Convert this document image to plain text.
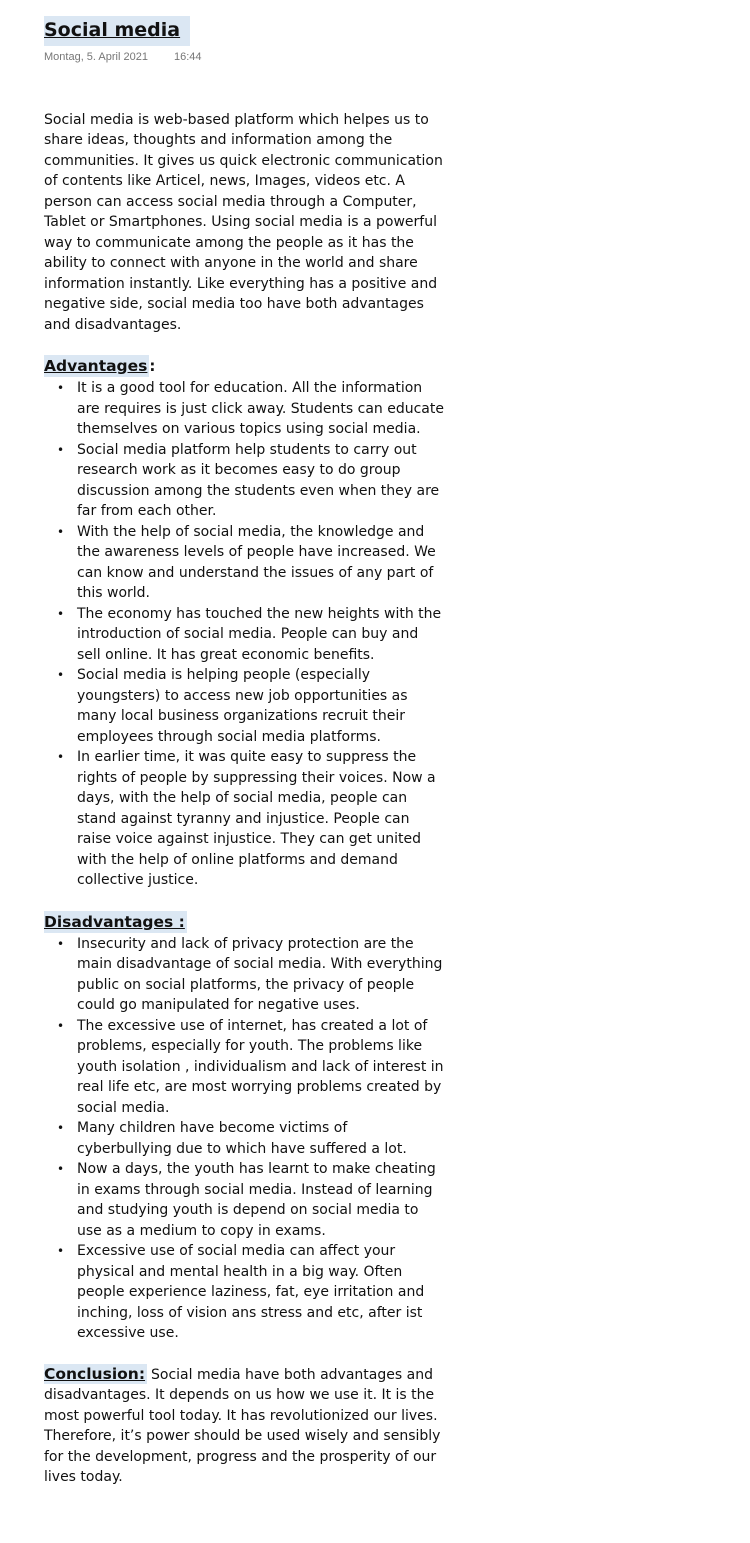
Social media
Montag, 5. April 2021 16:44
Social media is web-based platform which helpes us to share ideas, thoughts and information among the communities. It gives us quick electronic communication of contents like Articel, news, Images, videos etc. A person can access social media through a Computer, Tablet or Smartphones. Using social media is a powerful way to communicate among the people as it has the ability to connect with anyone in the world and share information instantly. Like everything has a positive and negative side, social media too have both advantages and disadvantages.
Advantages :
• It is a good tool for education. All the information are requires is just click away. Students can educate themselves on various topics using social media.
• Social media platform help students to carry out research work as it becomes easy to do group discussion among the students even when they are far from each other.
• With the help of social media, the knowledge and the awareness levels of people have increased. We can know and understand the issues of any part of this world.
• The economy has touched the new heights with the introduction of social media. People can buy and sell online. It has great economic benefits.
• Social media is helping people (especially youngsters) to access new job opportunities as many local business organizations recruit their employees through social media platforms.
• In earlier time, it was quite easy to suppress the rights of people by suppressing their voices. Now a days, with the help of social media, people can stand against tyranny and injustice. People can raise voice against injustice. They can get united with the help of online platforms and demand collective justice.
Disadvantages :
• Insecurity and lack of privacy protection are the main disadvantage of social media. With everything public on social platforms, the privacy of people could go manipulated for negative uses.
• The excessive use of internet, has created a lot of problems, especially for youth. The problems like youth isolation , individualism and lack of interest in real life etc, are most worrying problems created by social media.
• Many children have become victims of cyberbullying due to which have suffered a lot.
• Now a days, the youth has learnt to make cheating in exams through social media. Instead of learning and studying youth is depend on social media to use as a medium to copy in exams.
• Excessive use of social media can affect your physical and mental health in a big way. Often people experience laziness, fat, eye irritation and inching, loss of vision ans stress and etc, after ist excessive use.
Conclusion: Social media have both advantages and disadvantages. It depends on us how we use it. It is the most powerful tool today. It has revolutionized our lives. Therefore, it’s power should be used wisely and sensibly for the development, progress and the prosperity of our lives today.
